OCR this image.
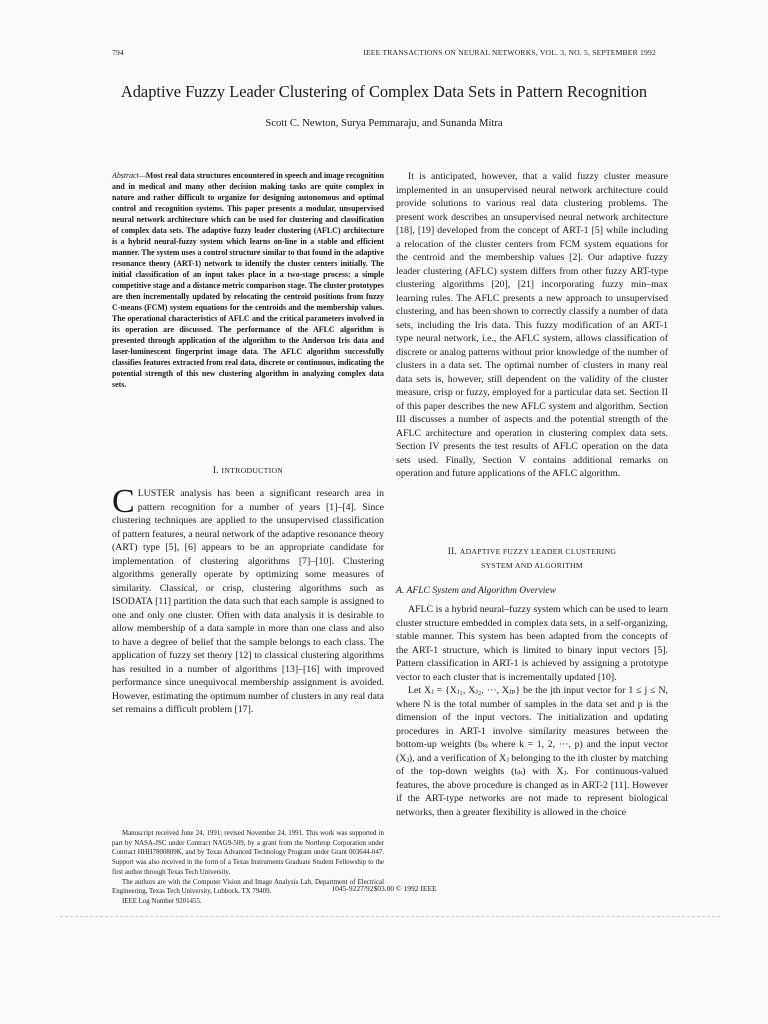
794	IEEE TRANSACTIONS ON NEURAL NETWORKS, VOL. 3, NO. 5, SEPTEMBER 1992
Adaptive Fuzzy Leader Clustering of Complex Data Sets in Pattern Recognition
Scott C. Newton, Surya Pemmaraju, and Sunanda Mitra
Abstract—Most real data structures encountered in speech and image recognition and in medical and many other decision making tasks are quite complex in nature and rather difficult to organize for designing autonomous and optimal control and recognition systems. This paper presents a modular, unsupervised neural network architecture which can be used for clustering and classification of complex data sets. The adaptive fuzzy leader clustering (AFLC) architecture is a hybrid neural-fuzzy system which learns on-line in a stable and efficient manner. The system uses a control structure similar to that found in the adaptive resonance theory (ART-1) network to identify the cluster centers initially. The initial classification of an input takes place in a two-stage process: a simple competitive stage and a distance metric comparison stage. The cluster prototypes are then incrementally updated by relocating the centroid positions from fuzzy C-means (FCM) system equations for the centroids and the membership values. The operational characteristics of AFLC and the critical parameters involved in its operation are discussed. The performance of the AFLC algorithm is presented through application of the algorithm to the Anderson Iris data and laser-luminescent fingerprint image data. The AFLC algorithm successfully classifies features extracted from real data, discrete or continuous, indicating the potential strength of this new clustering algorithm in analyzing complex data sets.
I. INTRODUCTION

CLUSTER analysis has been a significant research area in pattern recognition for a number of years [1]–[4]. Since clustering techniques are applied to the unsupervised classification of pattern features, a neural network of the adaptive resonance theory (ART) type [5], [6] appears to be an appropriate candidate for implementation of clustering algorithms [7]–[10]. Clustering algorithms generally operate by optimizing some measures of similarity. Classical, or crisp, clustering algorithms such as ISODATA [11] partition the data such that each sample is assigned to one and only one cluster. Often with data analysis it is desirable to allow membership of a data sample in more than one class and also to have a degree of belief that the sample belongs to each class. The application of fuzzy set theory [12] to classical clustering algorithms has resulted in a number of algorithms [13]–[16] with improved performance since unequivocal membership assignment is avoided. However, estimating the optimum number of clusters in any real data set remains a difficult problem [17].

Manuscript received June 24, 1991; revised November 24, 1991. This work was supported in part by NASA-JSC under Contract NAG9-509, by a grant from the Northrop Corporation under Contract HHH7800809K, and by Texas Advanced Technology Program under Grant 003644-047. Support was also received in the form of a Texas Instruments Graduate Student Fellowship to the first author through Texas Tech University.

The authors are with the Computer Vision and Image Analysis Lab, Department of Electrical Engineering, Texas Tech University, Lubbock, TX 79409.

IEEE Log Number 9201455.

It is anticipated, however, that a valid fuzzy cluster measure implemented in an unsupervised neural network architecture could provide solutions to various real data clustering problems. The present work describes an unsupervised neural network architecture [18], [19] developed from the concept of ART-1 [5] while including a relocation of the cluster centers from FCM system equations for the centroid and the membership values [2]. Our adaptive fuzzy leader clustering (AFLC) system differs from other fuzzy ART-type clustering algorithms [20], [21] incorporating fuzzy min–max learning rules. The AFLC presents a new approach to unsupervised clustering, and has been shown to correctly classify a number of data sets, including the Iris data. This fuzzy modification of an ART-1 type neural network, i.e., the AFLC system, allows classification of discrete or analog patterns without prior knowledge of the number of clusters in a data set. The optimal number of clusters in many real data sets is, however, still dependent on the validity of the cluster measure, crisp or fuzzy, employed for a particular data set. Section II of this paper describes the new AFLC system and algorithm. Section III discusses a number of aspects and the potential strength of the AFLC architecture and operation in clustering complex data sets. Section IV presents the test results of AFLC operation on the data sets used. Finally, Section V contains additional remarks on operation and future applications of the AFLC algorithm.

II. ADAPTIVE FUZZY LEADER CLUSTERING
SYSTEM AND ALGORITHM
A. AFLC System and Algorithm Overview

AFLC is a hybrid neural–fuzzy system which can be used to learn cluster structure embedded in complex data sets, in a self-organizing, stable manner. This system has been adapted from the concepts of the ART-1 structure, which is limited to binary input vectors [5]. Pattern classification in ART-1 is achieved by assigning a prototype vector to each cluster that is incrementally updated [10].

Let Xⱼ = {Xⱼ₁, Xⱼ₂, ···, Xⱼₚ} be the jth input vector for 1 ≤ j ≤ N, where N is the total number of samples in the data set and p is the dimension of the input vectors. The initialization and updating procedures in ART-1 involve similarity measures between the bottom-up weights (bₖᵢ where k = 1, 2, ···, p) and the input vector (Xⱼ), and a verification of Xⱼ belonging to the ith cluster by matching of the top-down weights (tᵢₖ) with Xⱼ. For continuous-valued features, the above procedure is changed as in ART-2 [11]. However if the ART-type networks are not made to represent biological networks, then a greater flexibility is allowed in the choice

1045-9227/92$03.00 © 1992 IEEE
